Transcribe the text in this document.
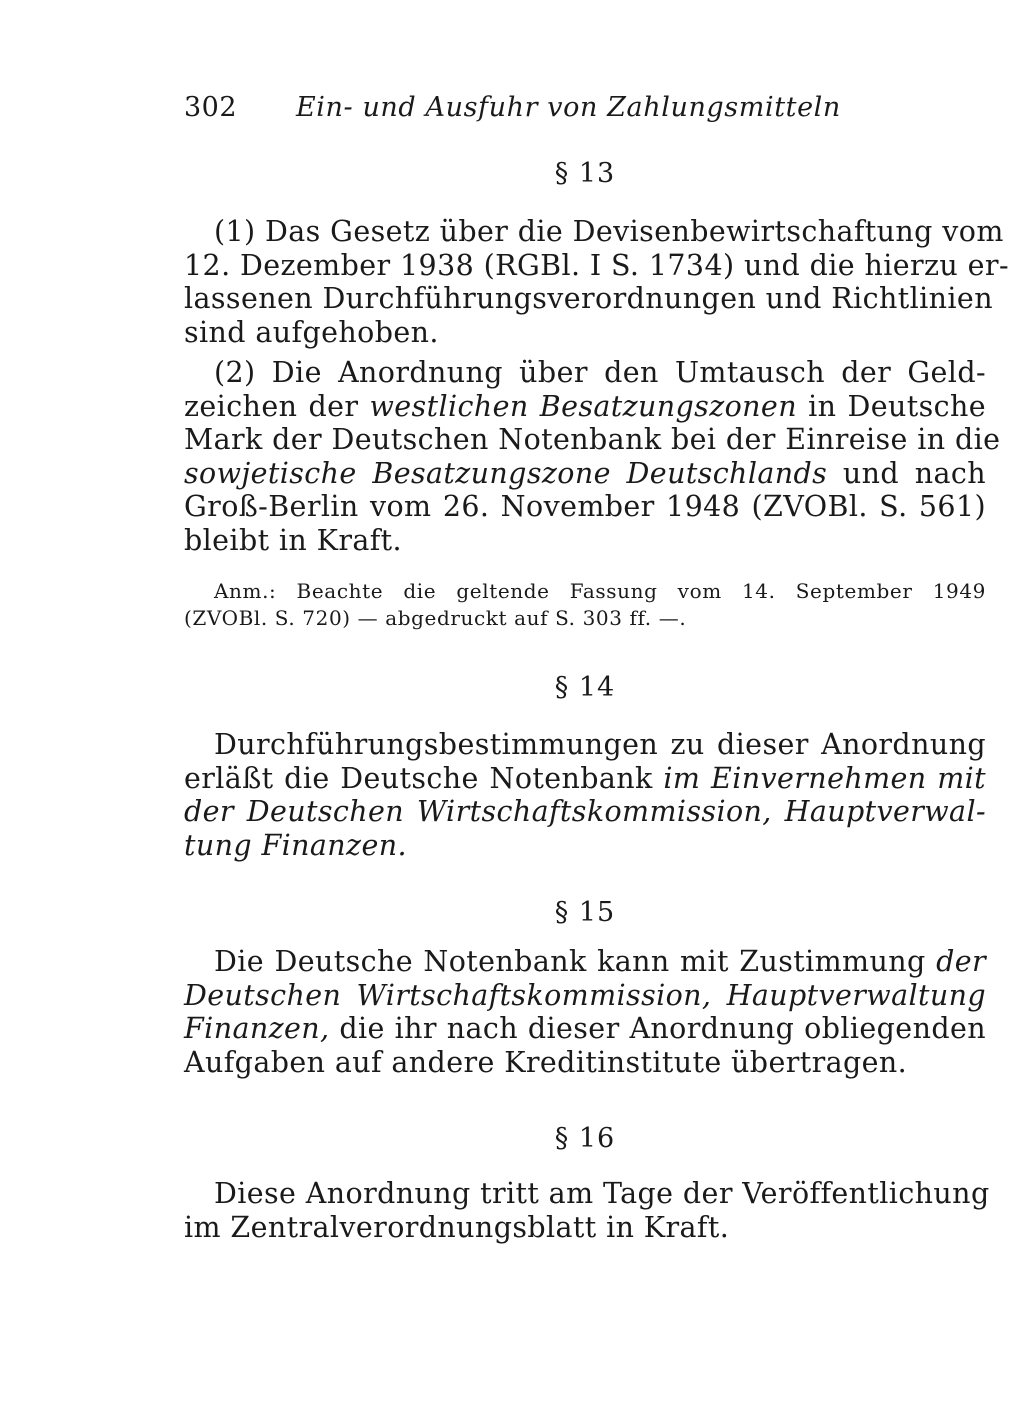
302 Ein- und Ausfuhr von Zahlungsmitteln
§ 13
(1) Das Gesetz über die Devisenbewirtschaftung vom
12. Dezember 1938 (RGBl. I S. 1734) und die hierzu er-
lassenen Durchführungsverordnungen und Richtlinien
sind aufgehoben.
(2) Die Anordnung über den Umtausch der Geld-
zeichen der westlichen Besatzungszonen in Deutsche
Mark der Deutschen Notenbank bei der Einreise in die
sowjetische Besatzungszone Deutschlands und nach
Groß-Berlin vom 26. November 1948 (ZVOBl. S. 561)
bleibt in Kraft.
Anm.: Beachte die geltende Fassung vom 14. September 1949
(ZVOBl. S. 720) — abgedruckt auf S. 303 ff. —.
§ 14
Durchführungsbestimmungen zu dieser Anordnung
erläßt die Deutsche Notenbank im Einvernehmen mit
der Deutschen Wirtschaftskommission, Hauptverwal-
tung Finanzen.
§ 15
Die Deutsche Notenbank kann mit Zustimmung der
Deutschen Wirtschaftskommission, Hauptverwaltung
Finanzen, die ihr nach dieser Anordnung obliegenden
Aufgaben auf andere Kreditinstitute übertragen.
§ 16
Diese Anordnung tritt am Tage der Veröffentlichung
im Zentralverordnungsblatt in Kraft.
